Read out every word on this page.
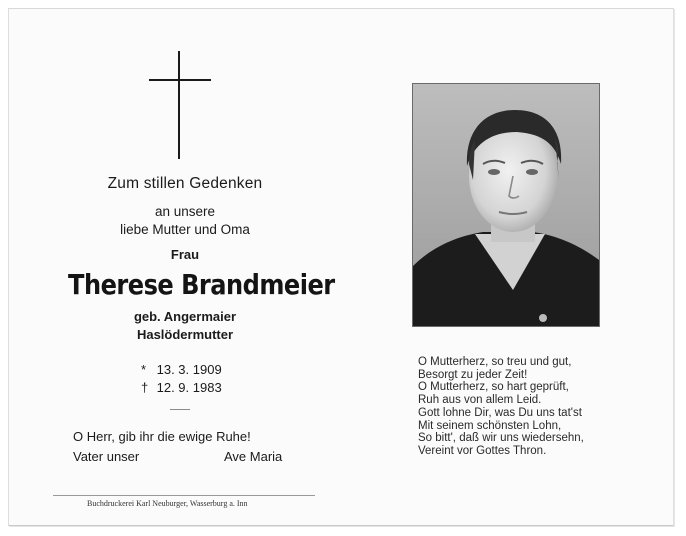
Zum stillen Gedenken
an unsere
liebe Mutter und Oma
Frau
Therese Brandmeier
geb. Angermaier
Haslödermutter
* 13. 3. 1909
† 12. 9. 1983
O Herr, gib ihr die ewige Ruhe!
Vater unser	Ave Maria
Buchdruckerei Karl Neuburger, Wasserburg a. Inn
O Mutterherz, so treu und gut,
Besorgt zu jeder Zeit!
O Mutterherz, so hart geprüft,
Ruh aus von allem Leid.
Gott lohne Dir, was Du uns tat'st
Mit seinem schönsten Lohn,
So bitt', daß wir uns wiedersehn,
Vereint vor Gottes Thron.
